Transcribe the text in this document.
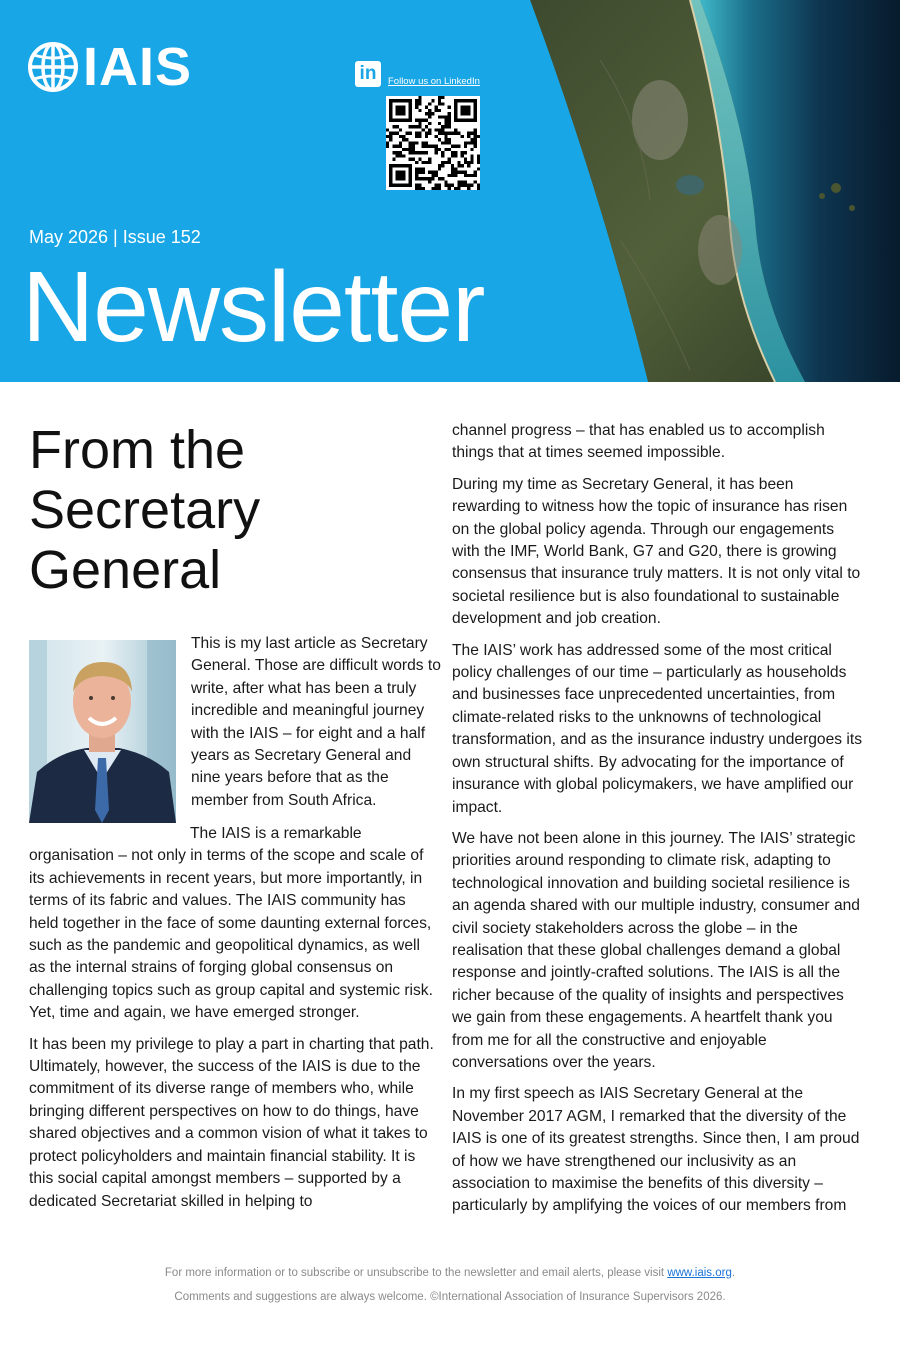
IAIS	in	Follow us on LinkedIn
May 2026 | Issue 152
Newsletter
From the
Secretary
General

This is my last article as Secretary General. Those are difficult words to write, after what has been a truly incredible and meaningful journey with the IAIS – for eight and a half years as Secretary General and nine years before that as the member from South Africa.

The IAIS is a remarkable
organisation – not only in terms of the scope and scale of its achievements in recent years, but more importantly, in terms of its fabric and values. The IAIS community has held together in the face of some daunting external forces, such as the pandemic and geopolitical dynamics, as well as the internal strains of forging global consensus on challenging topics such as group capital and systemic risk. Yet, time and again, we have emerged stronger.

It has been my privilege to play a part in charting that path. Ultimately, however, the success of the IAIS is due to the commitment of its diverse range of members who, while bringing different perspectives on how to do things, have shared objectives and a common vision of what it takes to protect policyholders and maintain financial stability. It is this social capital amongst members – supported by a dedicated Secretariat skilled in helping to

channel progress – that has enabled us to accomplish things that at times seemed impossible.

During my time as Secretary General, it has been rewarding to witness how the topic of insurance has risen on the global policy agenda. Through our engagements with the IMF, World Bank, G7 and G20, there is growing consensus that insurance truly matters. It is not only vital to societal resilience but is also foundational to sustainable development and job creation.

The IAIS’ work has addressed some of the most critical policy challenges of our time – particularly as households and businesses face unprecedented uncertainties, from climate-related risks to the unknowns of technological transformation, and as the insurance industry undergoes its own structural shifts. By advocating for the importance of insurance with global policymakers, we have amplified our impact.

We have not been alone in this journey. The IAIS’ strategic priorities around responding to climate risk, adapting to technological innovation and building societal resilience is an agenda shared with our multiple industry, consumer and civil society stakeholders across the globe – in the realisation that these global challenges demand a global response and jointly-crafted solutions. The IAIS is all the richer because of the quality of insights and perspectives we gain from these engagements. A heartfelt thank you from me for all the constructive and enjoyable conversations over the years.

In my first speech as IAIS Secretary General at the November 2017 AGM, I remarked that the diversity of the IAIS is one of its greatest strengths. Since then, I am proud of how we have strengthened our inclusivity as an association to maximise the benefits of this diversity – particularly by amplifying the voices of our members from

For more information or to subscribe or unsubscribe to the newsletter and email alerts, please visit www.iais.org.
Comments and suggestions are always welcome. ©International Association of Insurance Supervisors 2026.
